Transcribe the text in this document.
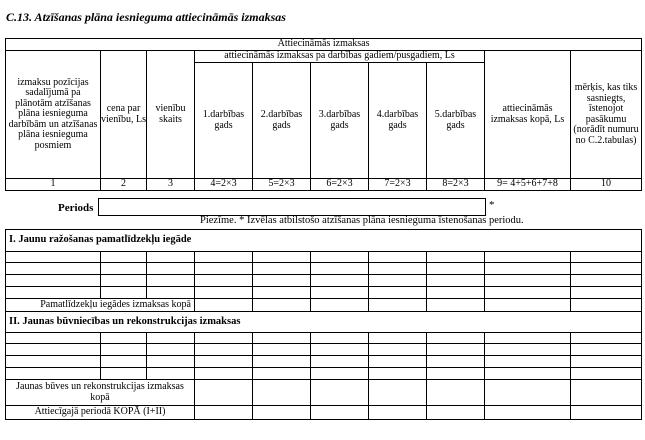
C.13. Atzīšanas plāna iesnieguma attiecināmās izmaksas
Attiecināmās izmaksas									
izmaksu pozīcijas sadalījumā pa plānotām atzīšanas plāna iesnieguma darbībām un atzīšanas plāna iesnieguma posmiem	cena par vienību, Ls	vienību skaits	attiecināmās izmaksas pa darbības gadiem/pusgadiem, Ls					attiecināmās izmaksas kopā, Ls	mērķis, kas tiks sasniegts, īstenojot pasākumu (norādīt numuru no C.2.tabulas)
			1.darbības gads	2.darbības gads	3.darbības gads	4.darbības gads	5.darbības gads		
1	2	3	4=2×3	5=2×3	6=2×3	7=2×3	8=2×3	9= 4+5+6+7+8	10
Periods	*
Piezīme. * Izvēlas atbilstošo atzīšanas plāna iesnieguma īstenošanas periodu.
I. Jaunu ražošanas pamatlīdzekļu iegāde									

Pamatlīdzekļu iegādes izmaksas kopā									
II. Jaunas būvniecības un rekonstrukcijas izmaksas									

Jaunas būves un rekonstrukcijas izmaksas kopā									
Attiecīgajā periodā KOPĀ (I+II)									
